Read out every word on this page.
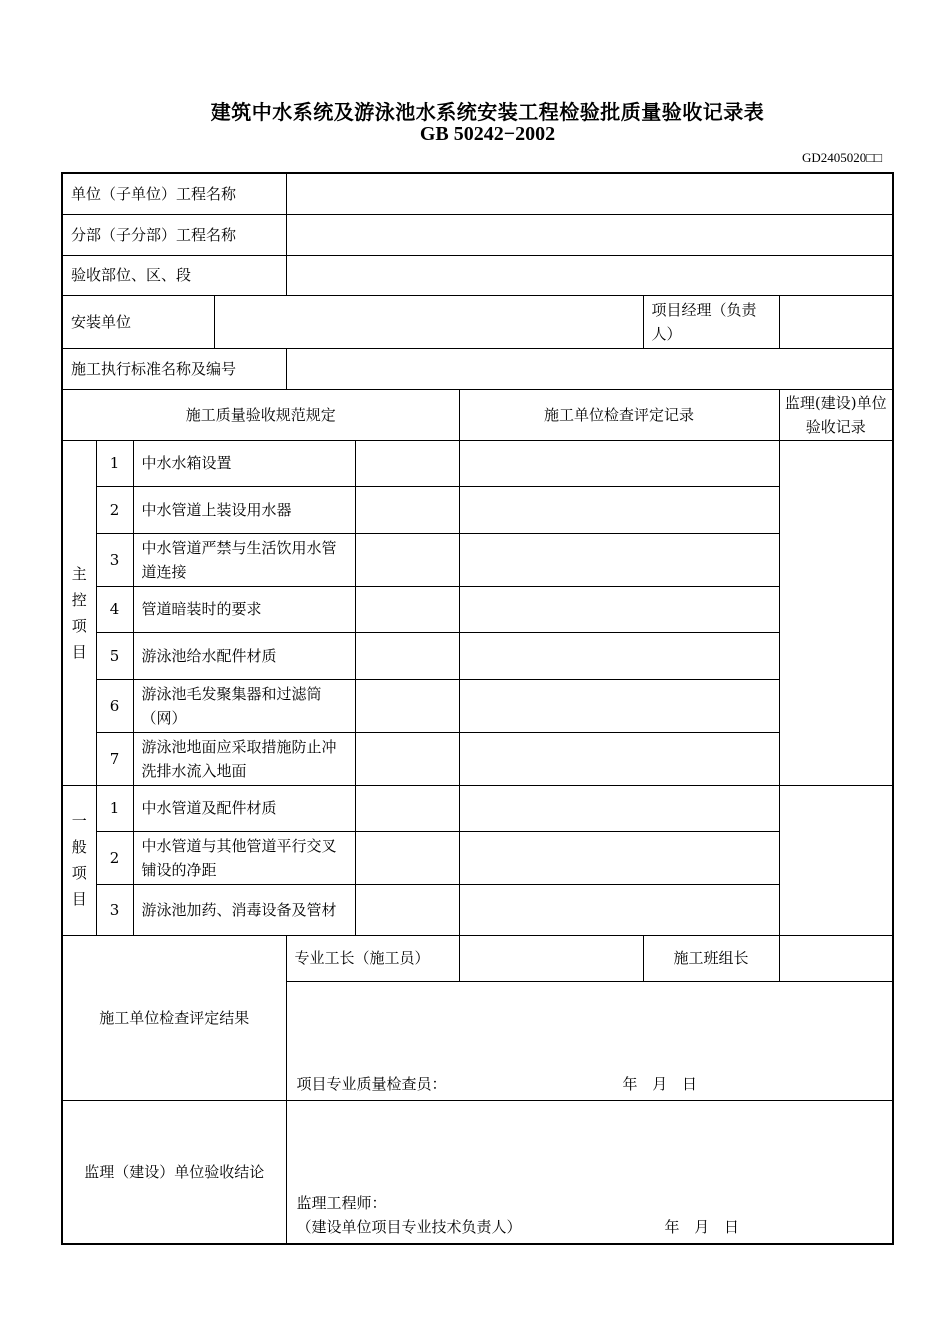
建筑中水系统及游泳池水系统安装工程检验批质量验收记录表
GB 50242−2002
GD2405020□□
单位（子单位）工程名称								
分部（子分部）工程名称								
验收部位、区、段								
安装单位							项目经理（负责人）	
施工执行标准名称及编号								
施工质量验收规范规定						施工单位检查评定记录		监理(建设)单位验收记录
主控项目	1	中水水箱设置						
	2	中水管道上装设用水器						
	3	中水管道严禁与生活饮用水管道连接						
	4	管道暗装时的要求						
	5	游泳池给水配件材质						
	6	游泳池毛发聚集器和过滤筒（网）						
	7	游泳池地面应采取措施防止冲洗排水流入地面						
一般项目	1	中水管道及配件材质						
	2	中水管道与其他管道平行交叉铺设的净距						
	3	游泳池加药、消毒设备及管材						
施工单位检查评定结果				专业工长（施工员）			施工班组长	

				项目专业质量检查员： 年 月 日				

监理（建设）单位验收结论				监理工程师：
（建设单位项目专业技术负责人） 年 月 日				
